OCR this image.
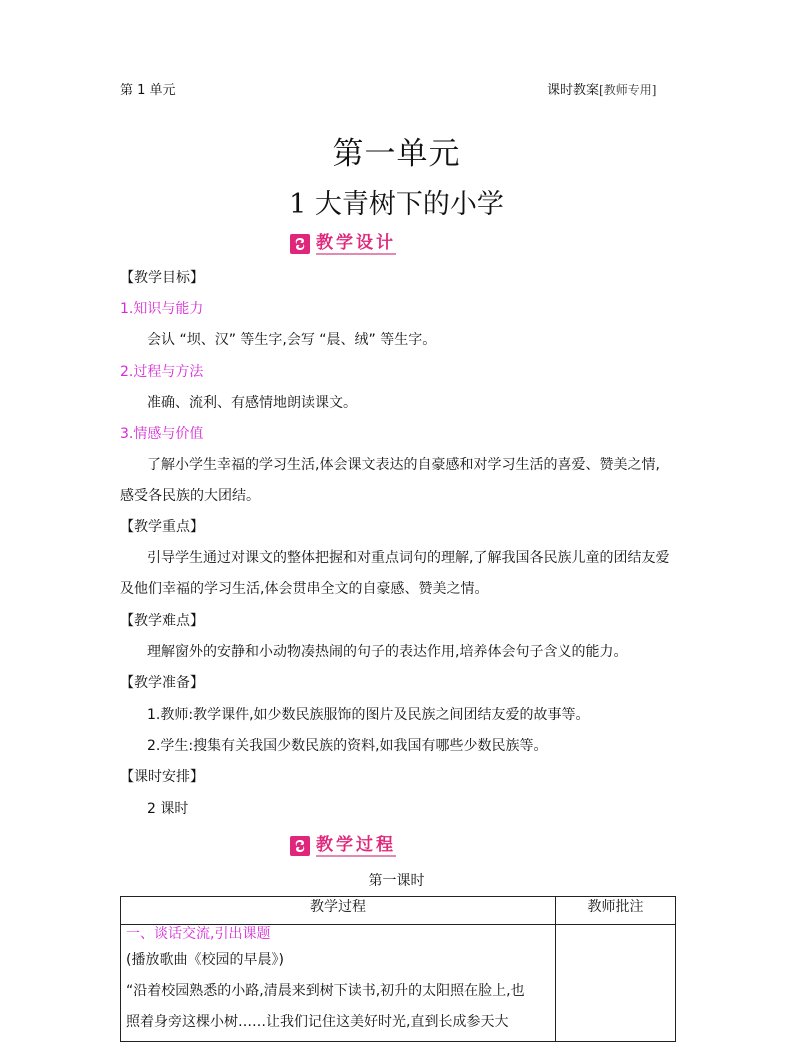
第 1 单元	课时教案[教师专用]
第一单元
1 大青树下的小学
教学设计
【教学目标】
1.知识与能力
会认 “坝、汉” 等生字,会写 “晨、绒” 等生字。
2.过程与方法
准确、流利、有感情地朗读课文。
3.情感与价值
了解小学生幸福的学习生活,体会课文表达的自豪感和对学习生活的喜爱、赞美之情,
感受各民族的大团结。
【教学重点】
引导学生通过对课文的整体把握和对重点词句的理解,了解我国各民族儿童的团结友爱
及他们幸福的学习生活,体会贯串全文的自豪感、赞美之情。
【教学难点】
理解窗外的安静和小动物凑热闹的句子的表达作用,培养体会句子含义的能力。
【教学准备】
1.教师:教学课件,如少数民族服饰的图片及民族之间团结友爱的故事等。
2.学生:搜集有关我国少数民族的资料,如我国有哪些少数民族等。
【课时安排】
2 课时
教学过程
第一课时
教学过程	教师批注

一、谈话交流,引出课题
(播放歌曲《校园的早晨》)
“沿着校园熟悉的小路,清晨来到树下读书,初升的太阳照在脸上,也
照着身旁这棵小树……让我们记住这美好时光,直到长成参天大	
